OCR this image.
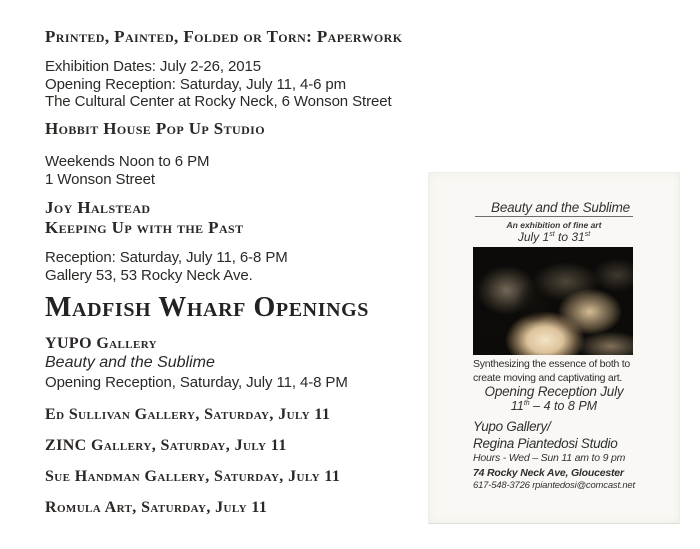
Printed, Painted, Folded or Torn: Paperwork
Exhibition Dates: July 2-26, 2015
Opening Reception: Saturday, July 11, 4-6 pm
The Cultural Center at Rocky Neck, 6 Wonson Street
Hobbit House Pop Up Studio
Weekends Noon to 6 PM
1 Wonson Street
Joy Halstead
Keeping Up with the Past
Reception: Saturday, July 11, 6-8 PM
Gallery 53, 53 Rocky Neck Ave.
Madfish Wharf Openings
YUPO Gallery
Beauty and the Sublime
Opening Reception, Saturday, July 11, 4-8 PM
Ed Sullivan Gallery, Saturday, July 11
ZINC Gallery, Saturday, July 11
Sue Handman Gallery, Saturday, July 11
Romula Art, Saturday, July 11
Beauty and the Sublime
An exhibition of fine art
July 1st to 31st
Synthesizing the essence of both to
create moving and captivating art.
Opening Reception July
11th – 4 to 8 PM
Yupo Gallery/
Regina Piantedosi Studio
Hours - Wed – Sun 11 am to 9 pm
74 Rocky Neck Ave, Gloucester
617-548-3726 rpiantedosi@comcast.net
